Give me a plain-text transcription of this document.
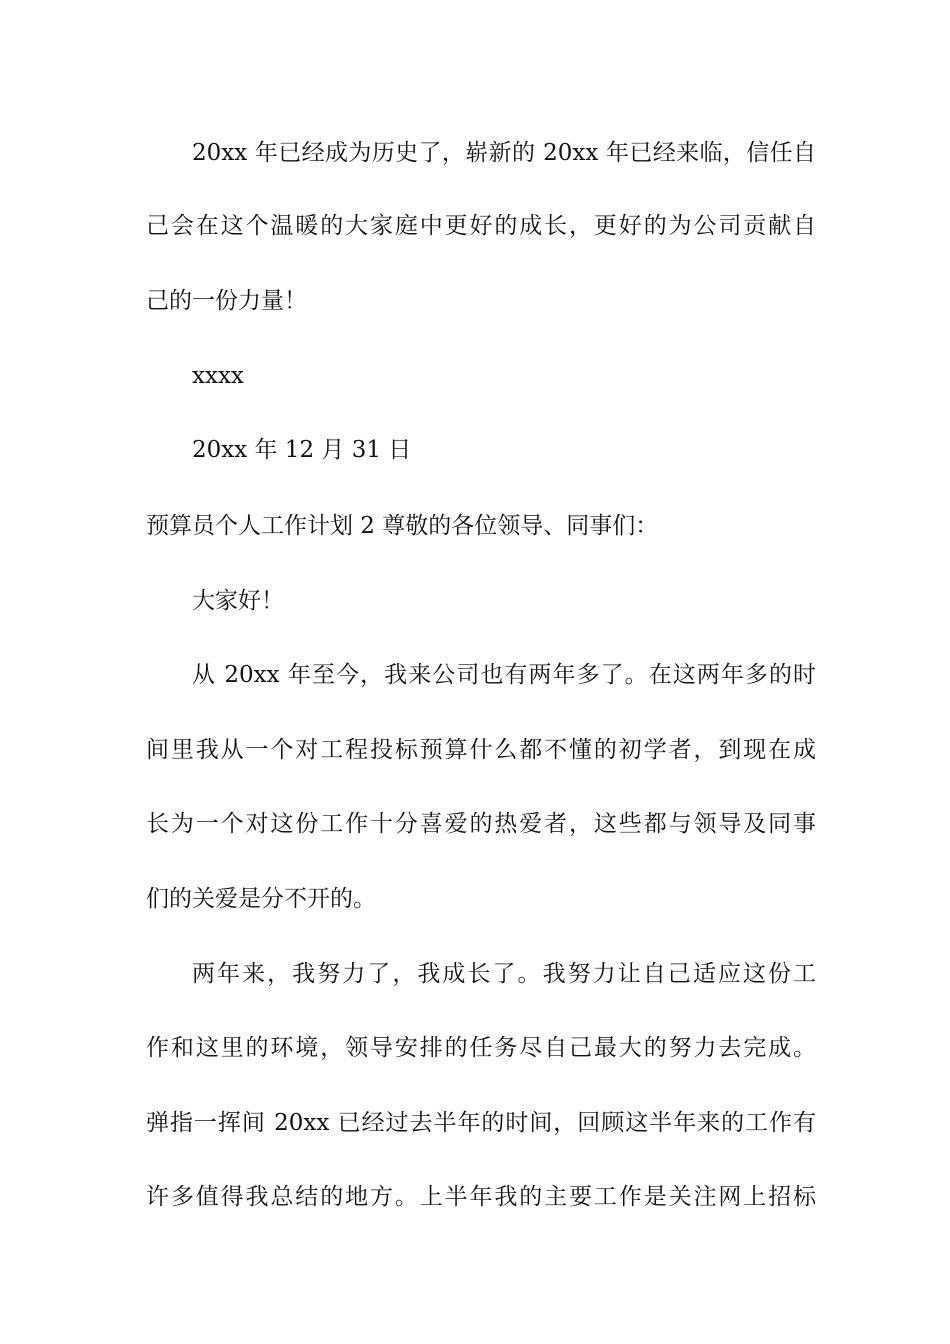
20xx 年已经成为历史了，崭新的 20xx 年已经来临，信任自
己会在这个温暖的大家庭中更好的成长，更好的为公司贡献自
己的一份力量！
xxxx
20xx 年 12 月 31 日
预算员个人工作计划 2 尊敬的各位领导、同事们：
大家好！
从 20xx 年至今，我来公司也有两年多了。在这两年多的时
间里我从一个对工程投标预算什么都不懂的初学者，到现在成
长为一个对这份工作十分喜爱的热爱者，这些都与领导及同事
们的关爱是分不开的。
两年来，我努力了，我成长了。我努力让自己适应这份工
作和这里的环境，领导安排的任务尽自己最大的努力去完成。
弹指一挥间 20xx 已经过去半年的时间，回顾这半年来的工作有
许多值得我总结的地方。上半年我的主要工作是关注网上招标
